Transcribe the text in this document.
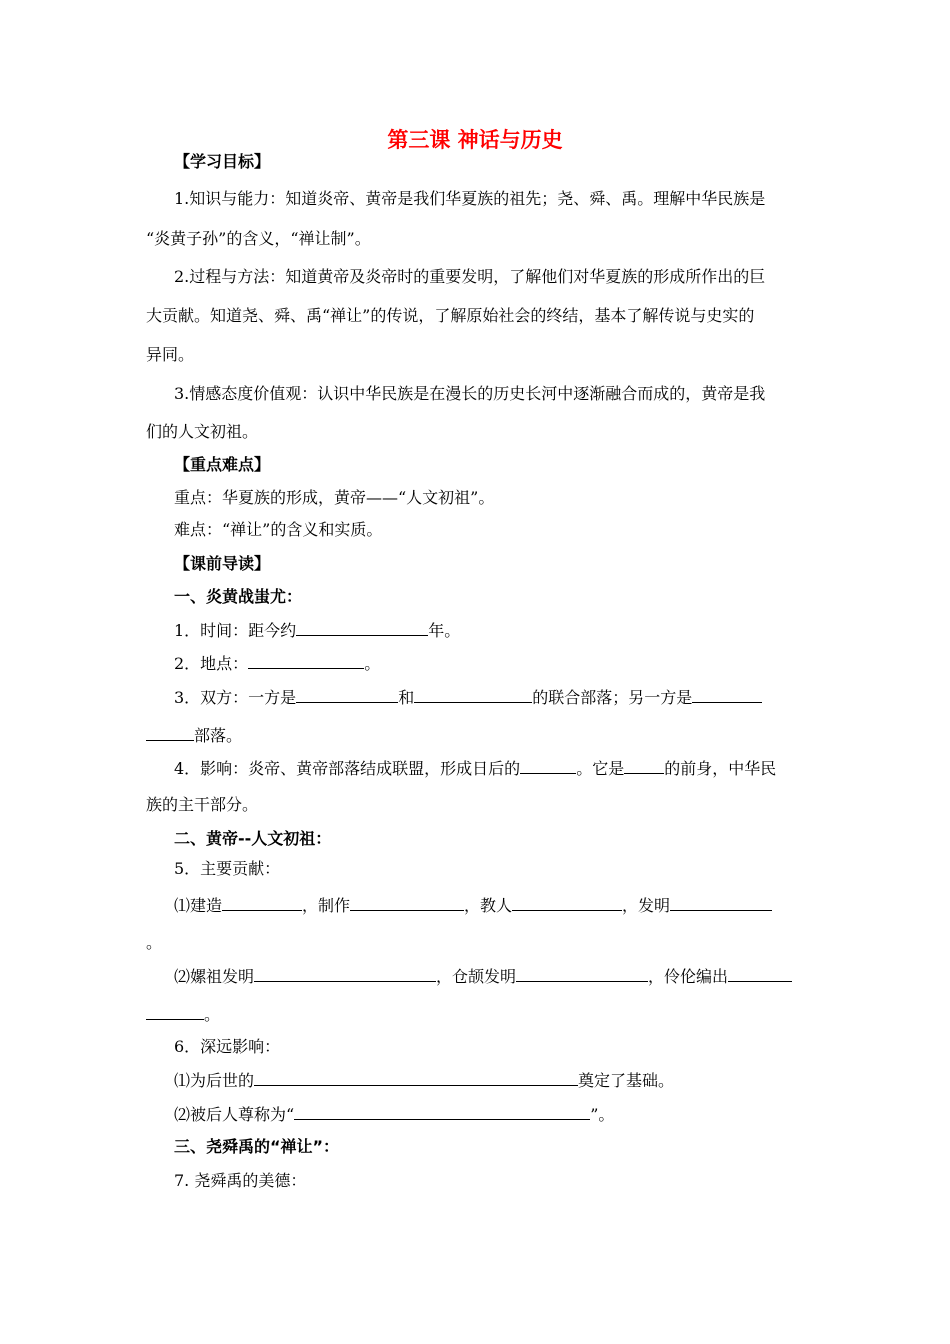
第三课 神话与历史
【学习目标】
1.知识与能力：知道炎帝、黄帝是我们华夏族的祖先；尧、舜、禹。理解中华民族是
“炎黄子孙”的含义，“禅让制”。
2.过程与方法：知道黄帝及炎帝时的重要发明，了解他们对华夏族的形成所作出的巨
大贡献。知道尧、舜、禹“禅让”的传说，了解原始社会的终结，基本了解传说与史实的
异同。
3.情感态度价值观：认识中华民族是在漫长的历史长河中逐渐融合而成的，黄帝是我
们的人文初祖。
【重点难点】
重点：华夏族的形成，黄帝——“人文初祖”。
难点：“禅让”的含义和实质。
【课前导读】
一、炎黄战蚩尤：
1．时间：距今约	年。
2．地点：	。
3．双方：一方是	和	的联合部落；另一方是
部落。
4．影响：炎帝、黄帝部落结成联盟，形成日后的	。它是	的前身，中华民
族的主干部分。
二、黄帝--人文初祖：
5．主要贡献：
⑴建造	，制作	，教人	，发明
。
⑵嫘祖发明	，仓颉发明	，伶伦编出
。
6．深远影响：
⑴为后世的	奠定了基础。
⑵被后人尊称为“	”。
三、尧舜禹的“禅让”：
7. 尧舜禹的美德：
